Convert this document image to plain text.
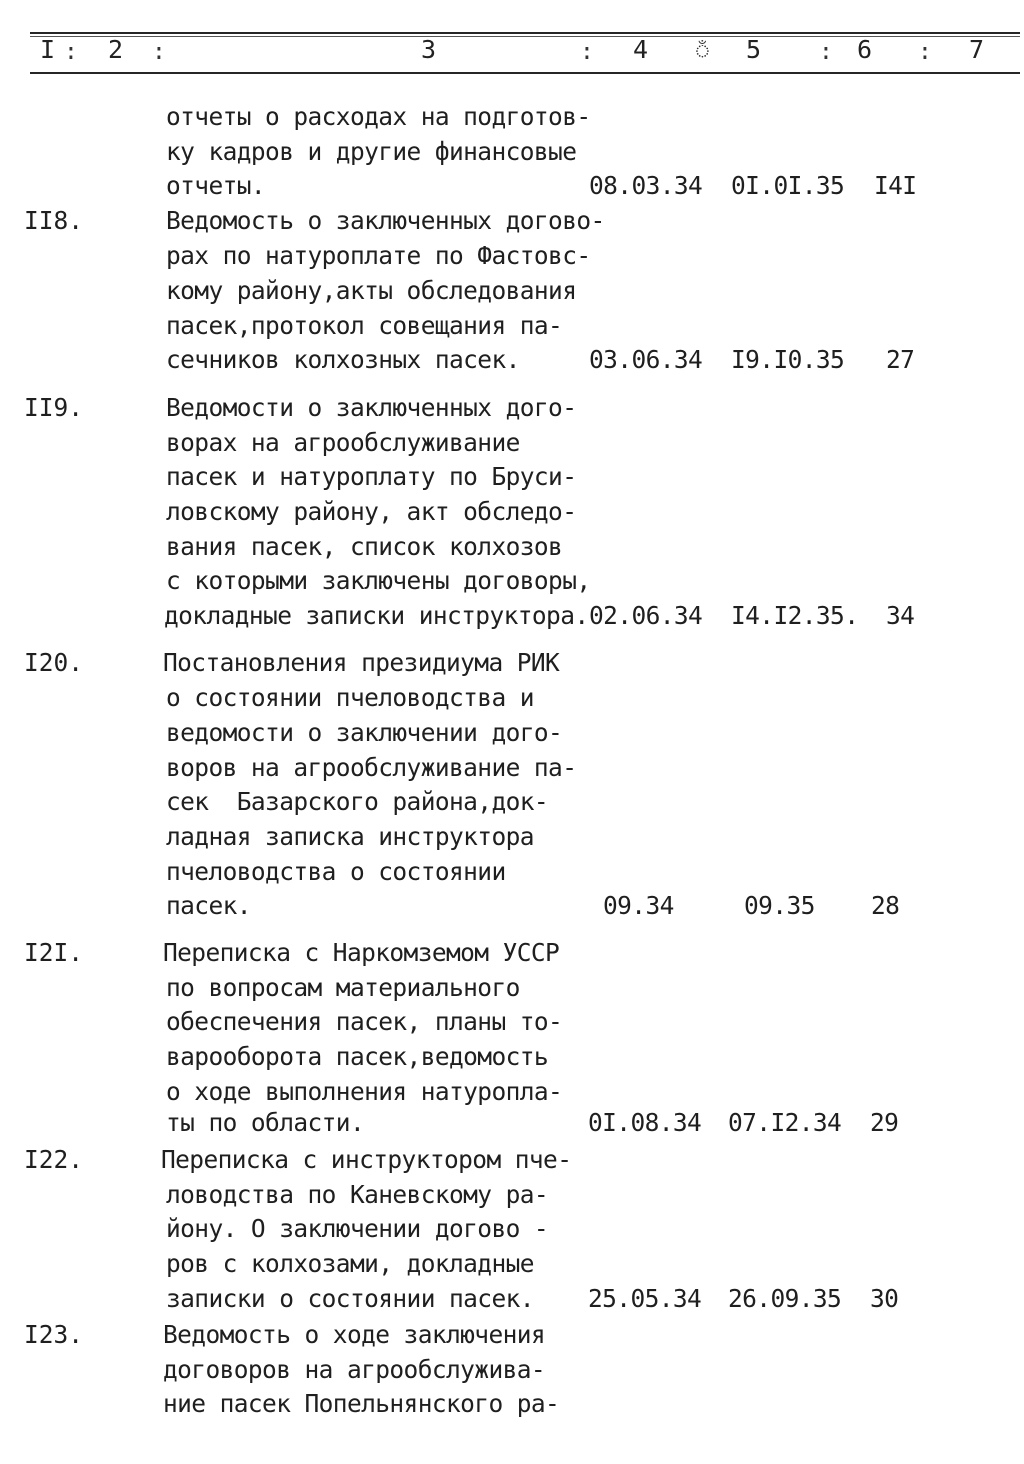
I : 2 :	3	: 4	ঁ 5	: 6 : 7
отчеты о расходах на подготов-
ку кадров и другие финансовые
отчеты.	08.03.34 0I.0I.35 I4I
II8.	Ведомость о заключенных догово-
рах по натуроплате по Фастовс-
кому району,акты обследования
пасек,протокол совещания па-
сечников колхозных пасек.	03.06.34 I9.I0.35 27
II9.	Ведомости о заключенных дого-
ворах на агрообслуживание
пасек и натуроплату по Бруси-
ловскому району, акт обследо-
вания пасек, список колхозов
с которыми заключены договоры,
докладные записки инструктора. 02.06.34 I4.I2.35. 34
I20.	Постановления президиума РИК
о состоянии пчеловодства и
ведомости о заключении дого-
воров на агрообслуживание па-
сек  Базарского района,док-
ладная записка инструктора
пчеловодства о состоянии
пасек.	09.34	09.35 28
I2I.	Переписка с Наркомземом УССР
по вопросам материального
обеспечения пасек, планы то-
варооборота пасек,ведомость
о ходе выполнения натуропла-
ты по области.	0I.08.34 07.I2.34 29
I22.	Переписка с инструктором пче-
ловодства по Каневскому ра-
йону. О заключении догово -
ров с колхозами, докладные
записки о состоянии пасек. 25.05.34 26.09.35 30
I23.	Ведомость о ходе заключения
договоров на агрообслужива-
ние пасек Попельнянского ра-
